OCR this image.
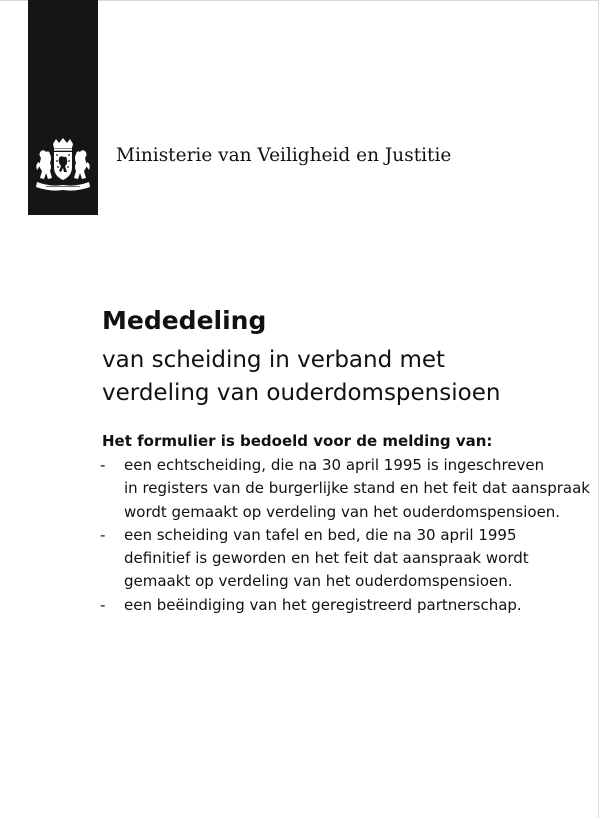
Ministerie van Veiligheid en Justitie
Mededeling
van scheiding in verband met
verdeling van ouderdomspensioen
Het formulier is bedoeld voor de melding van:
- een echtscheiding, die na 30 april 1995 is ingeschreven
in registers van de burgerlijke stand en het feit dat aanspraak
wordt gemaakt op verdeling van het ouderdomspensioen.
- een scheiding van tafel en bed, die na 30 april 1995
definitief is geworden en het feit dat aanspraak wordt
gemaakt op verdeling van het ouderdomspensioen.
- een beëindiging van het geregistreerd partnerschap.
